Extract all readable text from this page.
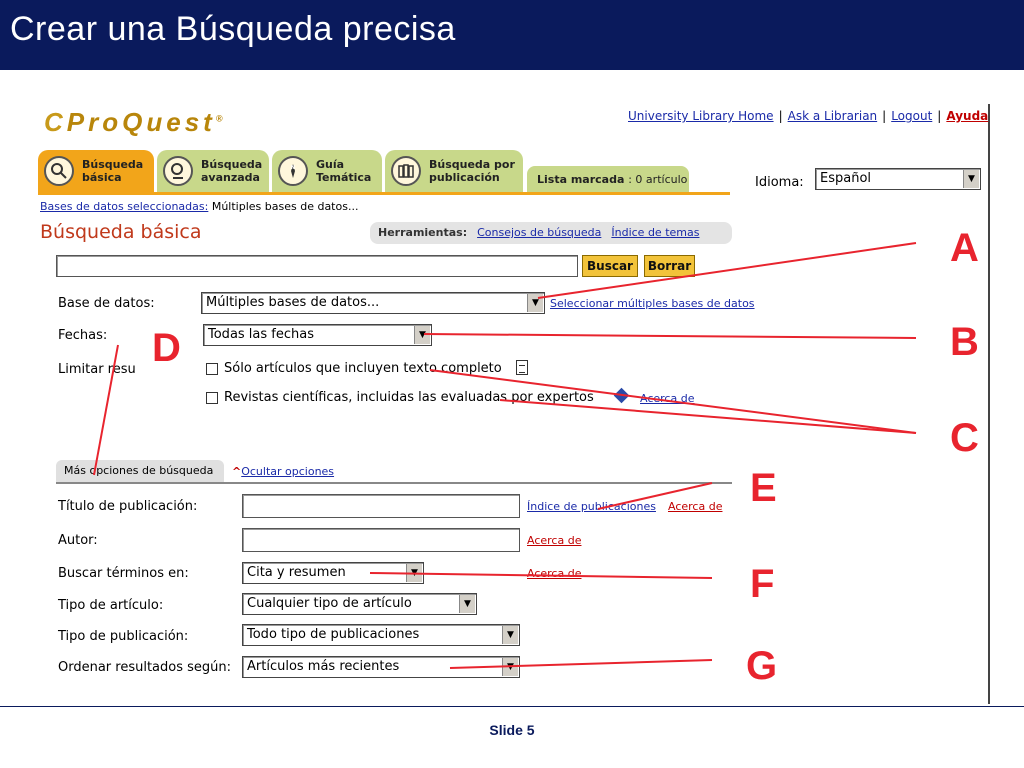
Crear una Búsqueda precisa
CProQuest®	University Library Home | Ask a Librarian | Logout | Ayuda
Búsqueda
básica
Búsqueda
avanzada
N Guía
Temática
Búsqueda por
publicación	Lista marcada : 0 artículo	Idioma:	Español	▼
Bases de datos seleccionadas: Múltiples bases de datos...
Búsqueda básica	Herramientas: Consejos de búsqueda Índice de temas
Buscar	Borrar
Base de datos:	Múltiples bases de datos...	▼	Seleccionar múltiples bases de datos
Fechas:	Todas las fechas	▼
Limitar resu	Sólo artículos que incluyen texto completo
Revistas científicas, incluidas las evaluadas por expertos	Acerca de
Más opciones de búsqueda	^Ocultar opciones
Título de publicación:	Índice de publicaciones Acerca de
Autor:	Acerca de
Buscar términos en:	Cita y resumen	▼	Acerca de
Tipo de artículo:	Cualquier tipo de artículo	▼
Tipo de publicación:	Todo tipo de publicaciones	▼
Ordenar resultados según:	Artículos más recientes	▼
A
B
C
D
E
F
G
Slide 5
